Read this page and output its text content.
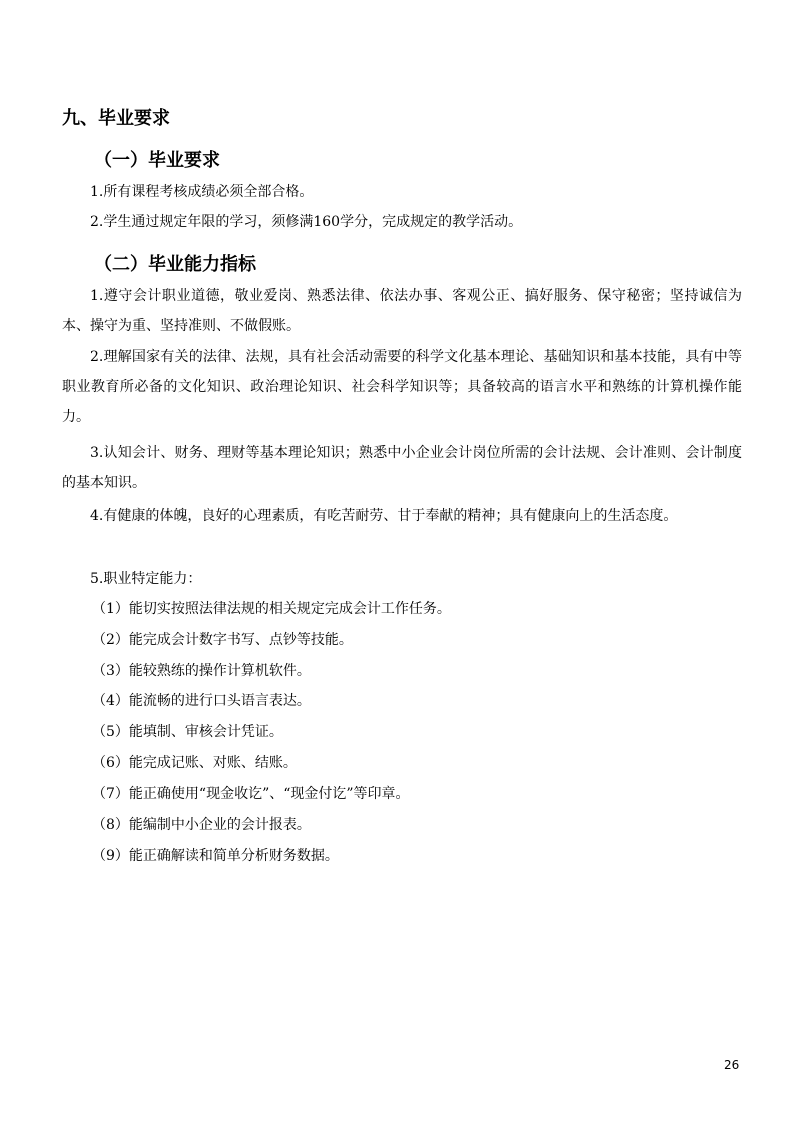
九、毕业要求
（一）毕业要求
1.所有课程考核成绩必须全部合格。
2.学生通过规定年限的学习，须修满160学分，完成规定的教学活动。
（二）毕业能力指标
1.遵守会计职业道德，敬业爱岗、熟悉法律、依法办事、客观公正、搞好服务、保守秘密；坚持诚信为本、操守为重、坚持准则、不做假账。
2.理解国家有关的法律、法规，具有社会活动需要的科学文化基本理论、基础知识和基本技能，具有中等职业教育所必备的文化知识、政治理论知识、社会科学知识等；具备较高的语言水平和熟练的计算机操作能力。
3.认知会计、财务、理财等基本理论知识；熟悉中小企业会计岗位所需的会计法规、会计准则、会计制度的基本知识。
4.有健康的体魄，良好的心理素质，有吃苦耐劳、甘于奉献的精神；具有健康向上的生活态度。
5.职业特定能力：
（1）能切实按照法律法规的相关规定完成会计工作任务。
（2）能完成会计数字书写、点钞等技能。
（3）能较熟练的操作计算机软件。
（4）能流畅的进行口头语言表达。
（5）能填制、审核会计凭证。
（6）能完成记账、对账、结账。
（7）能正确使用“现金收讫”、“现金付讫”等印章。
（8）能编制中小企业的会计报表。
（9）能正确解读和简单分析财务数据。
26
